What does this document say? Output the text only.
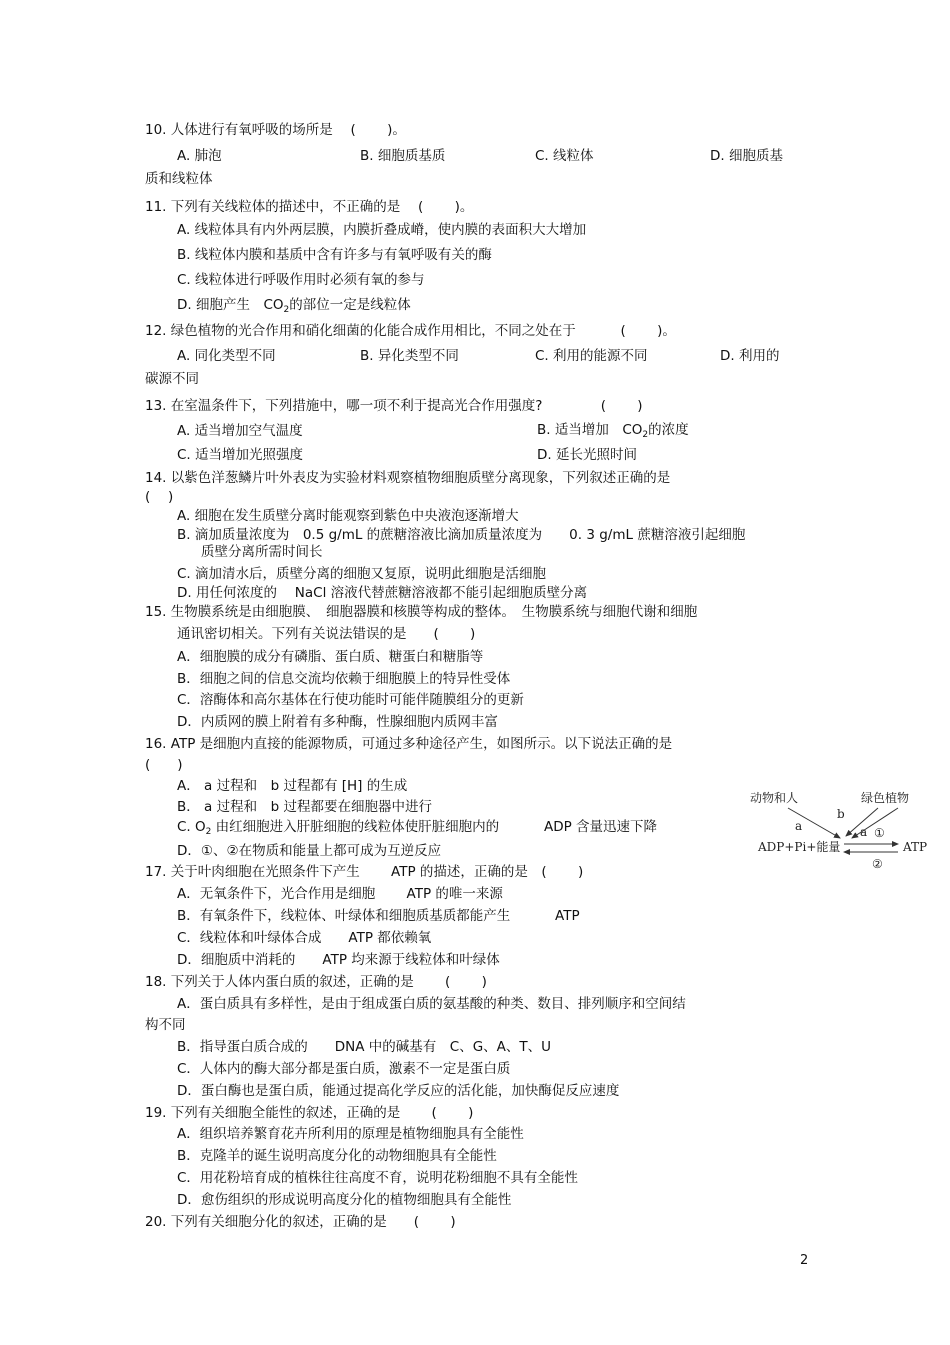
10. 人体进行有氧呼吸的场所是　 (　　 )。
A. 肺泡	B. 细胞质基质	C. 线粒体	D. 细胞质基
质和线粒体
11. 下列有关线粒体的描述中，不正确的是　 (　　 )。
A. 线粒体具有内外两层膜，内膜折叠成嵴，使内膜的表面积大大增加
B. 线粒体内膜和基质中含有许多与有氧呼吸有关的酶
C. 线粒体进行呼吸作用时必须有氧的参与
D. 细胞产生　$CO_2$的部位一定是线粒体
12. 绿色植物的光合作用和硝化细菌的化能合成作用相比，不同之处在于　　　 (　　 )。
A. 同化类型不同	B. 异化类型不同	C. 利用的能源不同	D. 利用的
碳源不同
13. 在室温条件下，下列措施中，哪一项不利于提高光合作用强度?　　　　 (　　 )
A. 适当增加空气温度	B. 适当增加　$CO_2$的浓度
C. 适当增加光照强度	D. 延长光照时间
14. 以紫色洋葱鳞片叶外表皮为实验材料观察植物细胞质壁分离现象，下列叙述正确的是
(　 )
A. 细胞在发生质壁分离时能观察到紫色中央液泡逐渐增大
B. 滴加质量浓度为　0.5 g/mL 的蔗糖溶液比滴加质量浓度为　　0. 3 g/mL 蔗糖溶液引起细胞
质壁分离所需时间长
C. 滴加清水后，质壁分离的细胞又复原，说明此细胞是活细胞
D. 用任何浓度的　 NaCl 溶液代替蔗糖溶液都不能引起细胞质壁分离
15. 生物膜系统是由细胞膜、　细胞器膜和核膜等构成的整体。　生物膜系统与细胞代谢和细胞
通讯密切相关。下列有关说法错误的是　　(　　 )
A．细胞膜的成分有磷脂、蛋白质、糖蛋白和糖脂等
B．细胞之间的信息交流均依赖于细胞膜上的特异性受体
C．溶酶体和高尔基体在行使功能时可能伴随膜组分的更新
D．内质网的膜上附着有多种酶，性腺细胞内质网丰富
16. ATP 是细胞内直接的能源物质，可通过多种途径产生，如图所示。以下说法正确的是
(　　)
A． a 过程和　b 过程都有 [H] 的生成
B． a 过程和　b 过程都要在细胞器中进行
C. $O_2$ 由红细胞进入肝脏细胞的线粒体使肝脏细胞内的　　　 ADP 含量迅速下降
D．①、②在物质和能量上都可成为互逆反应
动物和人	绿色植物
a
b
a ①
ADP+Pi+能量	ATP
②
17. 关于叶肉细胞在光照条件下产生　　 ATP 的描述，正确的是　(　　 )
A．无氧条件下，光合作用是细胞　　 ATP 的唯一来源
B．有氧条件下，线粒体、叶绿体和细胞质基质都能产生　　　 ATP
C．线粒体和叶绿体合成　　ATP 都依赖氧
D．细胞质中消耗的　　ATP 均来源于线粒体和叶绿体
18. 下列关于人体内蛋白质的叙述，正确的是　　 (　　 )
A．蛋白质具有多样性，是由于组成蛋白质的氨基酸的种类、数目、排列顺序和空间结
构不同
B．指导蛋白质合成的　　DNA 中的碱基有　C、G、A、T、U
C．人体内的酶大部分都是蛋白质，激素不一定是蛋白质
D．蛋白酶也是蛋白质，能通过提高化学反应的活化能，加快酶促反应速度
19. 下列有关细胞全能性的叙述，正确的是　　 (　　 )
A．组织培养繁育花卉所利用的原理是植物细胞具有全能性
B．克隆羊的诞生说明高度分化的动物细胞具有全能性
C．用花粉培育成的植株往往高度不育，说明花粉细胞不具有全能性
D．愈伤组织的形成说明高度分化的植物细胞具有全能性
20. 下列有关细胞分化的叙述，正确的是　　(　　 )
2
